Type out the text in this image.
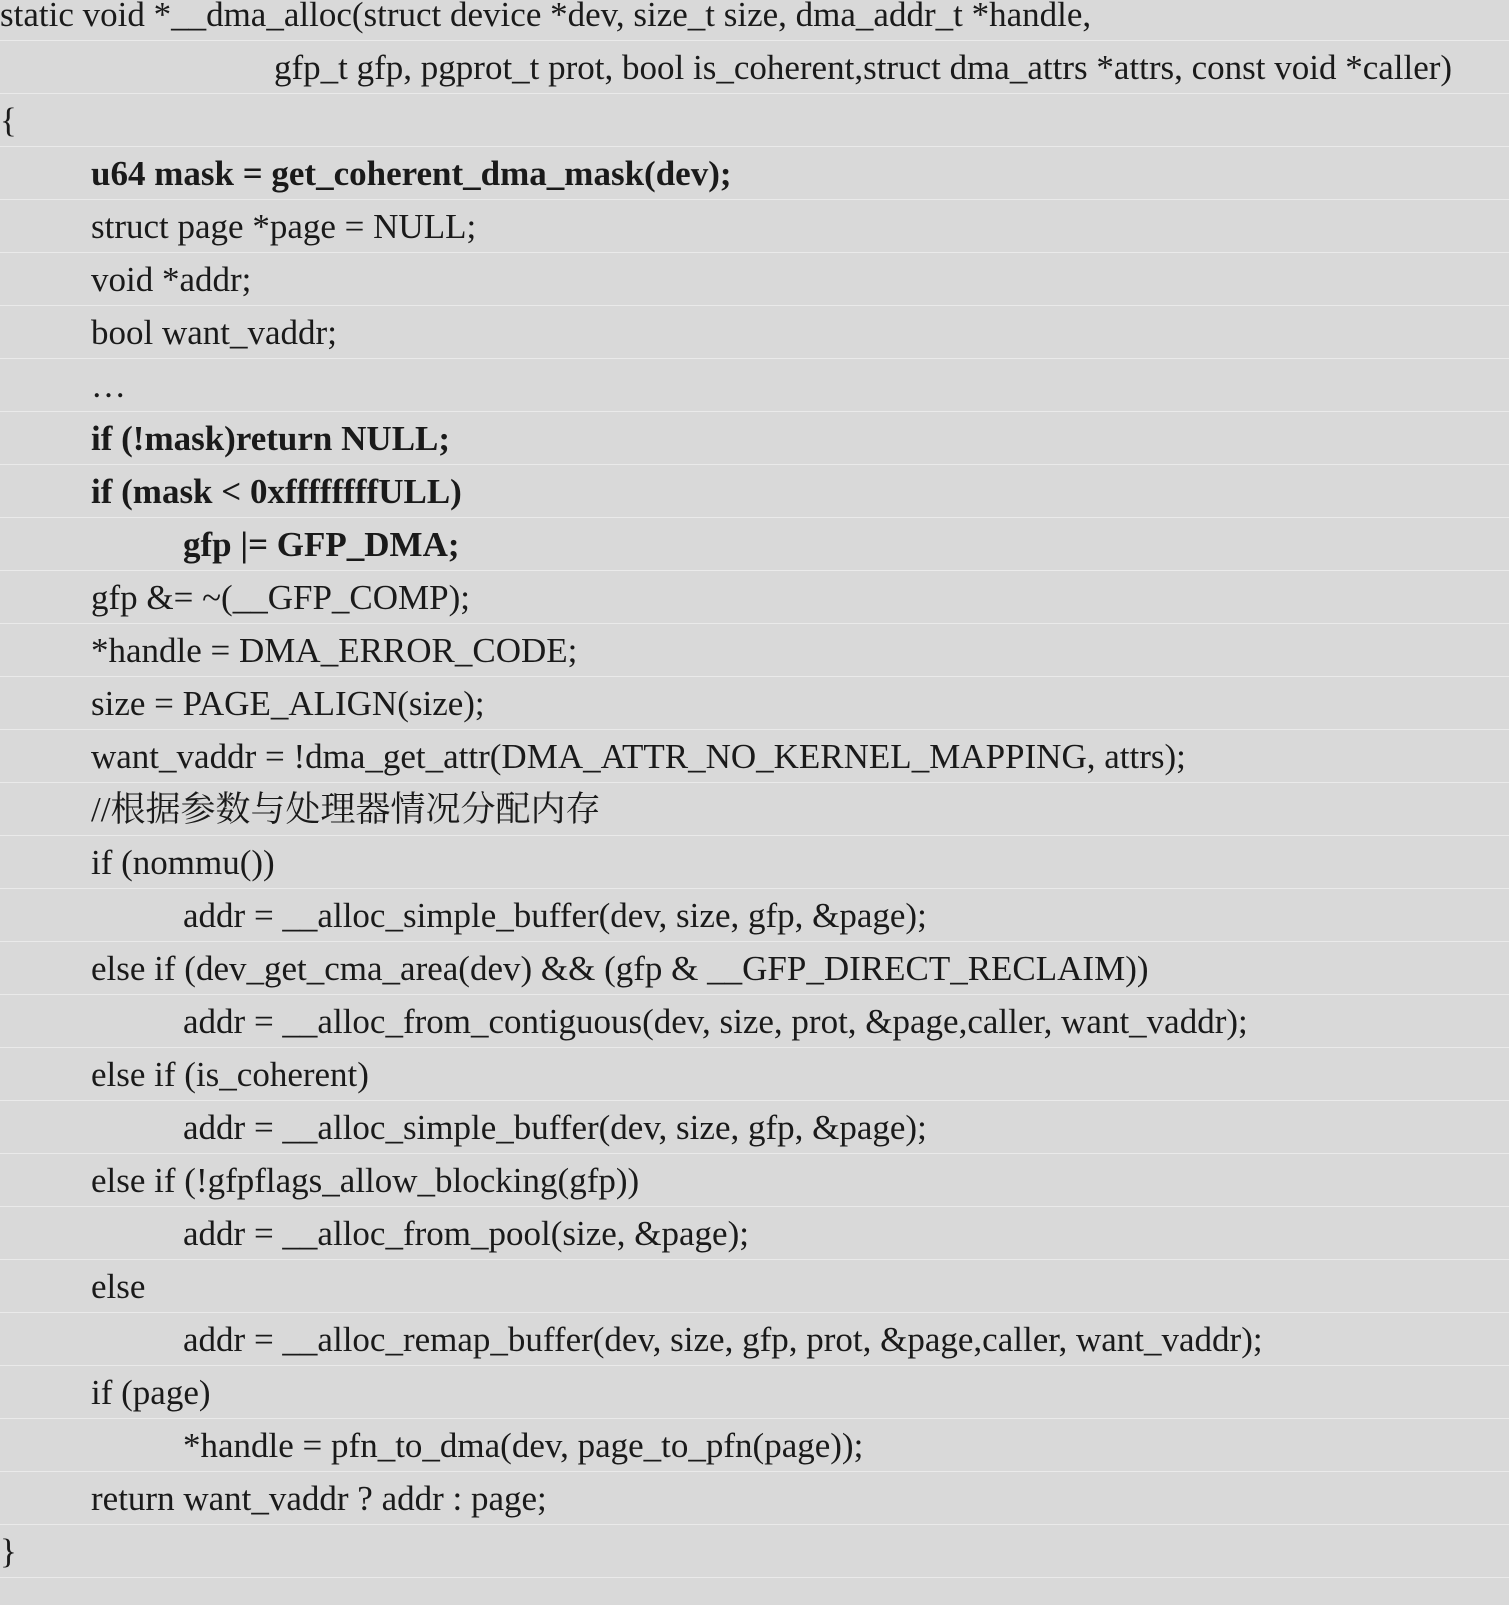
static void *__dma_alloc(struct device *dev, size_t size, dma_addr_t *handle,
gfp_t gfp, pgprot_t prot, bool is_coherent,struct dma_attrs *attrs, const void *caller)
{
u64 mask = get_coherent_dma_mask(dev);
struct page *page = NULL;
void *addr;
bool want_vaddr;
…
if (!mask)return NULL;
if (mask < 0xffffffffULL)
gfp |= GFP_DMA;
gfp &= ~(__GFP_COMP);
*handle = DMA_ERROR_CODE;
size = PAGE_ALIGN(size);
want_vaddr = !dma_get_attr(DMA_ATTR_NO_KERNEL_MAPPING, attrs);
//根据参数与处理器情况分配内存
if (nommu())
addr = __alloc_simple_buffer(dev, size, gfp, &page);
else if (dev_get_cma_area(dev) && (gfp & __GFP_DIRECT_RECLAIM))
addr = __alloc_from_contiguous(dev, size, prot, &page,caller, want_vaddr);
else if (is_coherent)
addr = __alloc_simple_buffer(dev, size, gfp, &page);
else if (!gfpflags_allow_blocking(gfp))
addr = __alloc_from_pool(size, &page);
else
addr = __alloc_remap_buffer(dev, size, gfp, prot, &page,caller, want_vaddr);
if (page)
*handle = pfn_to_dma(dev, page_to_pfn(page));
return want_vaddr ? addr : page;
}
